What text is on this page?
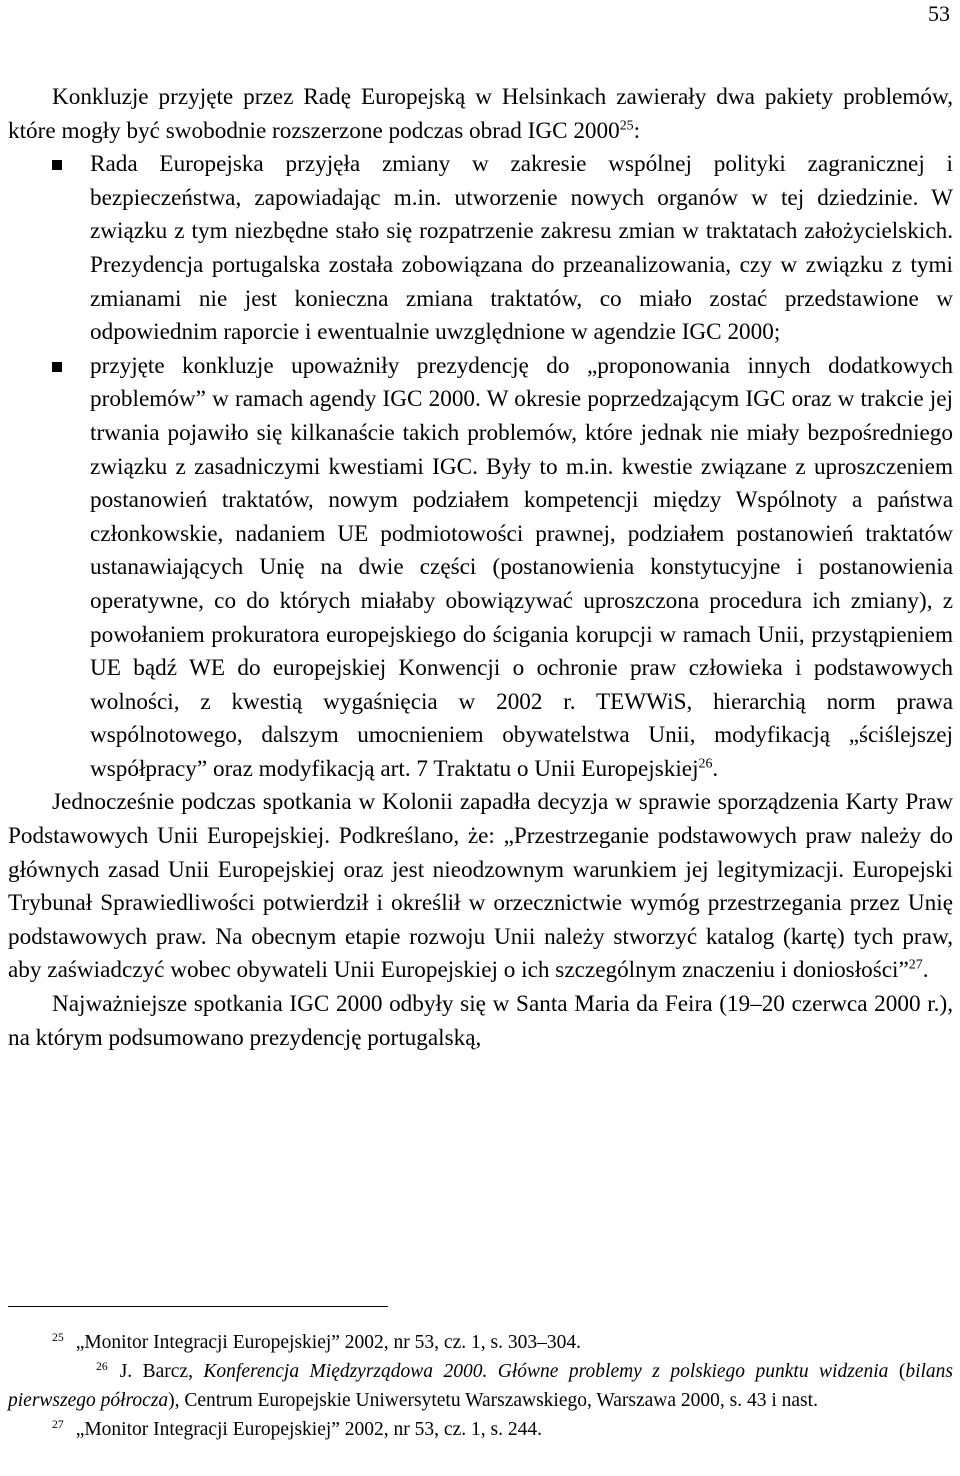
53

Konkluzje przyjęte przez Radę Europejską w Helsinkach zawierały dwa pakiety problemów, które mogły być swobodnie rozszerzone podczas obrad IGC 2000$^{25}$:

Rada Europejska przyjęła zmiany w zakresie wspólnej polityki zagranicznej i bezpieczeństwa, zapowiadając m.in. utworzenie nowych organów w tej dziedzinie. W związku z tym niezbędne stało się rozpatrzenie zakresu zmian w traktatach założycielskich. Prezydencja portugalska została zobowiązana do przeanalizowania, czy w związku z tymi zmianami nie jest konieczna zmiana traktatów, co miało zostać przedstawione w odpowiednim raporcie i ewentualnie uwzględnione w agendzie IGC 2000;
przyjęte konkluzje upoważniły prezydencję do „proponowania innych dodatkowych problemów” w ramach agendy IGC 2000. W okresie poprzedzającym IGC oraz w trakcie jej trwania pojawiło się kilkanaście takich problemów, które jednak nie miały bezpośredniego związku z zasadniczymi kwestiami IGC. Były to m.in. kwestie związane z uproszczeniem postanowień traktatów, nowym podziałem kompetencji między Wspólnoty a państwa członkowskie, nadaniem UE podmiotowości prawnej, podziałem postanowień traktatów ustanawiających Unię na dwie części (postanowienia konstytucyjne i postanowienia operatywne, co do których miałaby obowiązywać uproszczona procedura ich zmiany), z powołaniem prokuratora europejskiego do ścigania korupcji w ramach Unii, przystąpieniem UE bądź WE do europejskiej Konwencji o ochronie praw człowieka i podstawowych wolności, z kwestią wygaśnięcia w 2002 r. TEWWiS, hierarchią norm prawa wspólnotowego, dalszym umocnieniem obywatelstwa Unii, modyfikacją „ściślejszej współpracy” oraz modyfikacją art. 7 Traktatu o Unii Europejskiej$^{26}$.

Jednocześnie podczas spotkania w Kolonii zapadła decyzja w sprawie sporządzenia Karty Praw Podstawowych Unii Europejskiej. Podkreślano, że: „Przestrzeganie podstawowych praw należy do głównych zasad Unii Europejskiej oraz jest nieodzownym warunkiem jej legitymizacji. Europejski Trybunał Sprawiedliwości potwierdził i określił w orzecznictwie wymóg przestrzegania przez Unię podstawowych praw. Na obecnym etapie rozwoju Unii należy stworzyć katalog (kartę) tych praw, aby zaświadczyć wobec obywateli Unii Europejskiej o ich szczególnym znaczeniu i doniosłości”$^{27}$.

Najważniejsze spotkania IGC 2000 odbyły się w Santa Maria da Feira (19–20 czerwca 2000 r.), na którym podsumowano prezydencję portugalską,

$^{25}$ „Monitor Integracji Europejskiej” 2002, nr 53, cz. 1, s. 303–304.

$^{26}$ J. Barcz, Konferencja Międzyrządowa 2000. Główne problemy z polskiego punktu widzenia (bilans pierwszego półrocza), Centrum Europejskie Uniwersytetu Warszawskiego, Warszawa 2000, s. 43 i nast.

$^{27}$ „Monitor Integracji Europejskiej” 2002, nr 53, cz. 1, s. 244.
